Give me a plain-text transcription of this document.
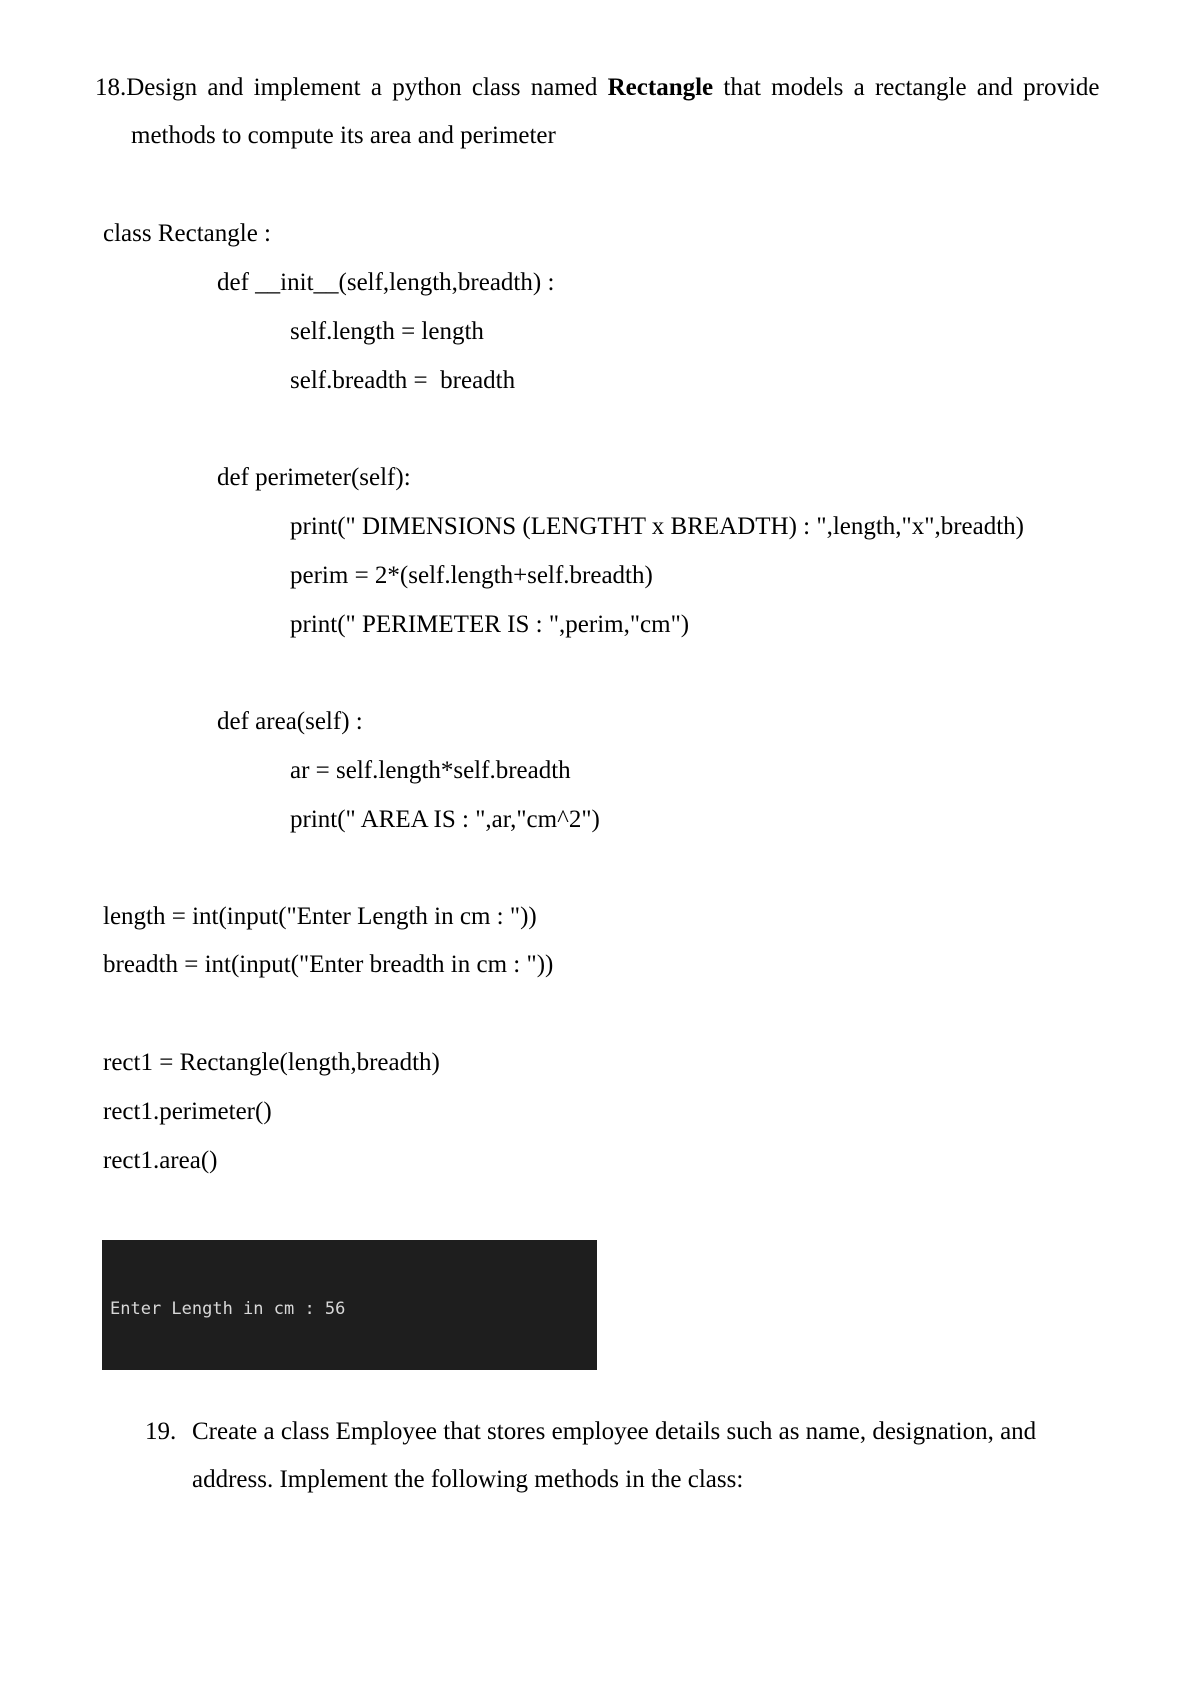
18.Design and implement a python class named Rectangle that models a rectangle and provide
methods to compute its area and perimeter
class Rectangle :
def __init__(self,length,breadth) :
self.length = length
self.breadth =  breadth
def perimeter(self):
print(" DIMENSIONS (LENGTHT x BREADTH) : ",length,"x",breadth)
perim = 2*(self.length+self.breadth)
print(" PERIMETER IS : ",perim,"cm")
def area(self) :
ar = self.length*self.breadth
print(" AREA IS : ",ar,"cm^2")
length = int(input("Enter Length in cm : "))
breadth = int(input("Enter breadth in cm : "))
rect1 = Rectangle(length,breadth)
rect1.perimeter()
rect1.area()

Enter Length in cm : 56

19. Create a class Employee that stores employee details such as name, designation, and
address. Implement the following methods in the class:
